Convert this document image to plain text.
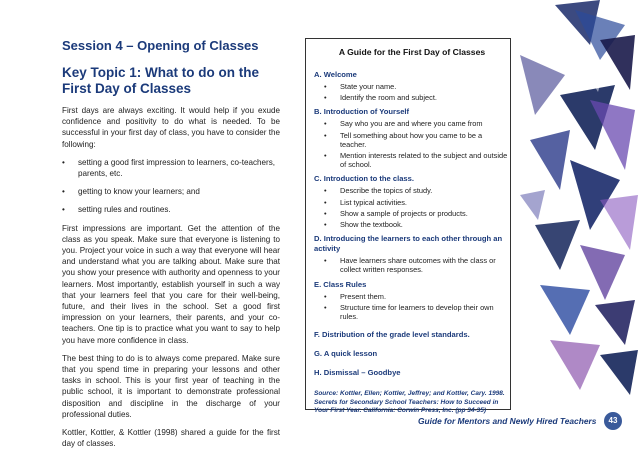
Session 4 – Opening of Classes
Key Topic 1: What to do on the First Day of Classes
First days are always exciting. It would help if you exude confidence and positivity to do what is needed. To be successful in your first day of class, you have to consider the following:
•	setting a good first impression to learners, co-teachers, parents, etc.
•	getting to know your learners; and
•	setting rules and routines.
First impressions are important. Get the attention of the class as you speak. Make sure that everyone is listening to you. Project your voice in such a way that everyone will hear and understand what you are talking about. Make sure that you show your presence with authority and openness to your learners. Most importantly, establish yourself in such a way that your learners feel that you care for their well-being, future, and their lives in the school. Set a good first impression on your learners, their parents, and your co-teachers. One tip is to practice what you want to say to help you have more confidence in class.
The best thing to do is to always come prepared. Make sure that you spend time in preparing your lessons and other tasks in school. This is your first year of teaching in the public school, it is important to demonstrate professional disposition and discipline in the discharge of your professional duties.
Kottler, Kottler, & Kottler (1998) shared a guide for the first day of classes.
A Guide for the First Day of Classes
A. Welcome
•	State your name.
•	Identify the room and subject.
B. Introduction of Yourself
•	Say who you are and where you came from
•	Tell something about how you came to be a teacher.
•	Mention interests related to the subject and outside of school.
C. Introduction to the class.
•	Describe the topics of study.
•	List typical activities.
•	Show a sample of projects or products.
•	Show the textbook.
D. Introducing the learners to each other through an activity
•	Have learners share outcomes with the class or collect written responses.
E. Class Rules
•	Present them.
•	Structure time for learners to develop their own rules.
F. Distribution of the grade level standards.
G. A quick lesson
H. Dismissal – Goodbye
Source: Kottler, Ellen; Kottler, Jeffrey; and Kottler, Cary. 1998. Secrets for Secondary School Teachers: How to Succeed in Your First Year. California: Corwin Press, Inc. (pp 34-35)
Guide for Mentors and Newly Hired Teachers	43
